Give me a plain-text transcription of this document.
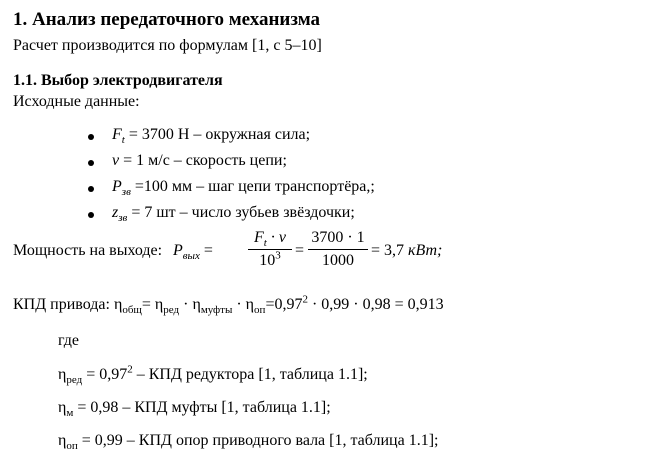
1. Анализ передаточного механизма
Расчет производится по формулам [1, с 5–10]
1.1. Выбор электродвигателя
Исходные данные:
$F_t = 3700$ Н – окружная сила;
v = 1 м/с – скорость цепи;
$P_{зв} =100$ мм – шаг цепи транспортёра,;
$z_{зв} = 7$ шт – число зубьев звёздочки;
Мощность на выходе: $P_{вых} = \frac{F_t \cdot v}{10^3} = \frac{3700 \cdot 1}{1000} = 3,7$ кВт;
КПД привода: $\eta_{общ}= \eta_{ред} \cdot \eta_{муфты} \cdot \eta_{оп}=0,97^2 \cdot 0,99 \cdot 0,98 = 0,913$
где
$\eta_{ред} = 0,97^2$ – КПД редуктора [1, таблица 1.1];
$\eta_м = 0,98$ – КПД муфты [1, таблица 1.1];
$\eta_{оп} = 0,99$ – КПД опор приводного вала [1, таблица 1.1];
